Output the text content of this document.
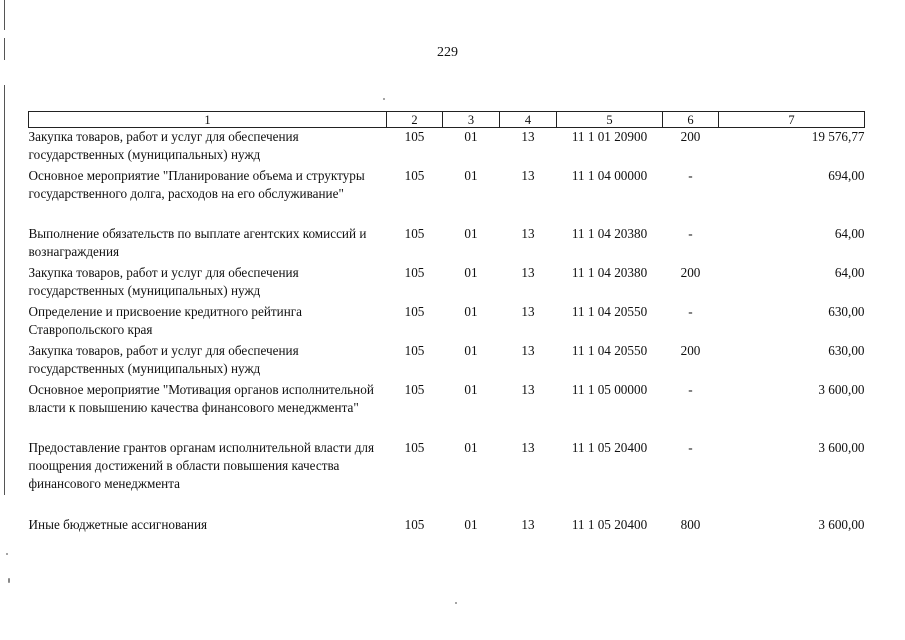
229
1	2	3	4	5	6	7
Закупка товаров, работ и услуг для обеспечения государственных (муниципальных) нужд	105	01	13	11 1 01 20900	200	19 576,77
Основное мероприятие "Планирование объема и структуры государственного долга, расходов на его обслуживание"	105	01	13	11 1 04 00000	-	694,00
Выполнение обязательств по выплате агентских комиссий и вознаграждения	105	01	13	11 1 04 20380	-	64,00
Закупка товаров, работ и услуг для обеспечения государственных (муниципальных) нужд	105	01	13	11 1 04 20380	200	64,00
Определение и присвоение кредитного рейтинга Ставропольского края	105	01	13	11 1 04 20550	-	630,00
Закупка товаров, работ и услуг для обеспечения государственных (муниципальных) нужд	105	01	13	11 1 04 20550	200	630,00
Основное мероприятие "Мотивация органов исполнительной власти к повышению качества финансового менеджмента"	105	01	13	11 1 05 00000	-	3 600,00
Предоставление грантов органам исполнительной власти для поощрения достижений в области повышения качества финансового менеджмента	105	01	13	11 1 05 20400	-	3 600,00
Иные бюджетные ассигнования	105	01	13	11 1 05 20400	800	3 600,00
